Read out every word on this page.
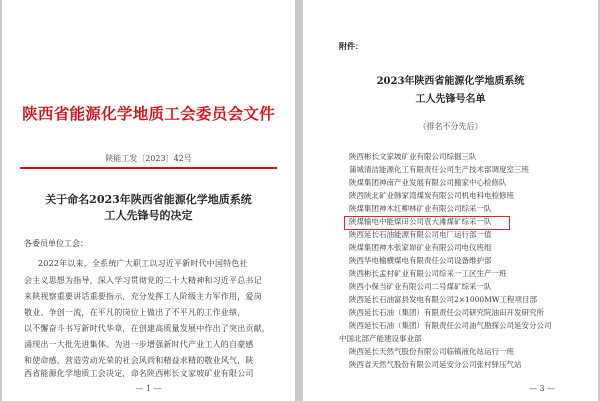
陕西省能源化学地质工会委员会文件
陕能工发〔2023〕42号
关于命名2023年陕西省能源化学地质系统
工人先锋号的决定
各委员单位工会：
2022年以来，全系统广大职工以习近平新时代中国特色社
会主义思想为指导，深入学习贯彻党的二十大精神和习近平总书记
来陕视察重要讲话重要指示，充分发挥工人阶级主力军作用，爱岗
敬业、争创一流，在平凡的岗位上做出了不平凡的工作业绩，
以不懈奋斗书写新时代华章，在创建高质量发展中作出了突出贡献，
涌现出一大批先进集体。为进一步增强新时代产业工人的自豪感
和使命感，营造劳动光荣的社会风尚和精益求精的敬业风气，陕
西省能源化学地质工会决定，命名陕西彬长文家坡矿业有限公司
— 1 —
附件：
2023年陕西省能源化学地质系统
工人先锋号名单
（排名不分先后）
陕西彬长文家坡矿业有限公司综掘三队
蒲城清洁能源化工有限责任公司生产技术部调度室三班
陕煤集团神南产业发展有限公司搬家中心检修队
陕西陕北矿业韩家湾煤炭有限公司机电科电检修班
陕煤集团神木红柳林矿业有限公司综采一队
陕煤输电中能煤田公司袁大滩煤矿综采一队
陕西延长石油能源有限公司电厂运行部一值
陕煤集团神木张家峁矿业有限公司电仪班组
陕西华电榆横煤电有限责任公司设备维护部
陕西彬长孟村矿业有限公司综采一工区生产一班
陕西小保当矿业有限公司二号煤矿综采一队
陕西延长石油富县发电有限公司2×1000MW工程项目部
陕西延长石油（集团）有限责任公司研究院油田开发研究所
陕西延长石油（集团）有限责任公司油气勘探公司延安分公司
中国北部产能建设事业部
陕西延长天然气股份有限公司临镇液化站运行一班
陕西省天然气股份有限公司延安分公司张村驿压气站
— 3 —
